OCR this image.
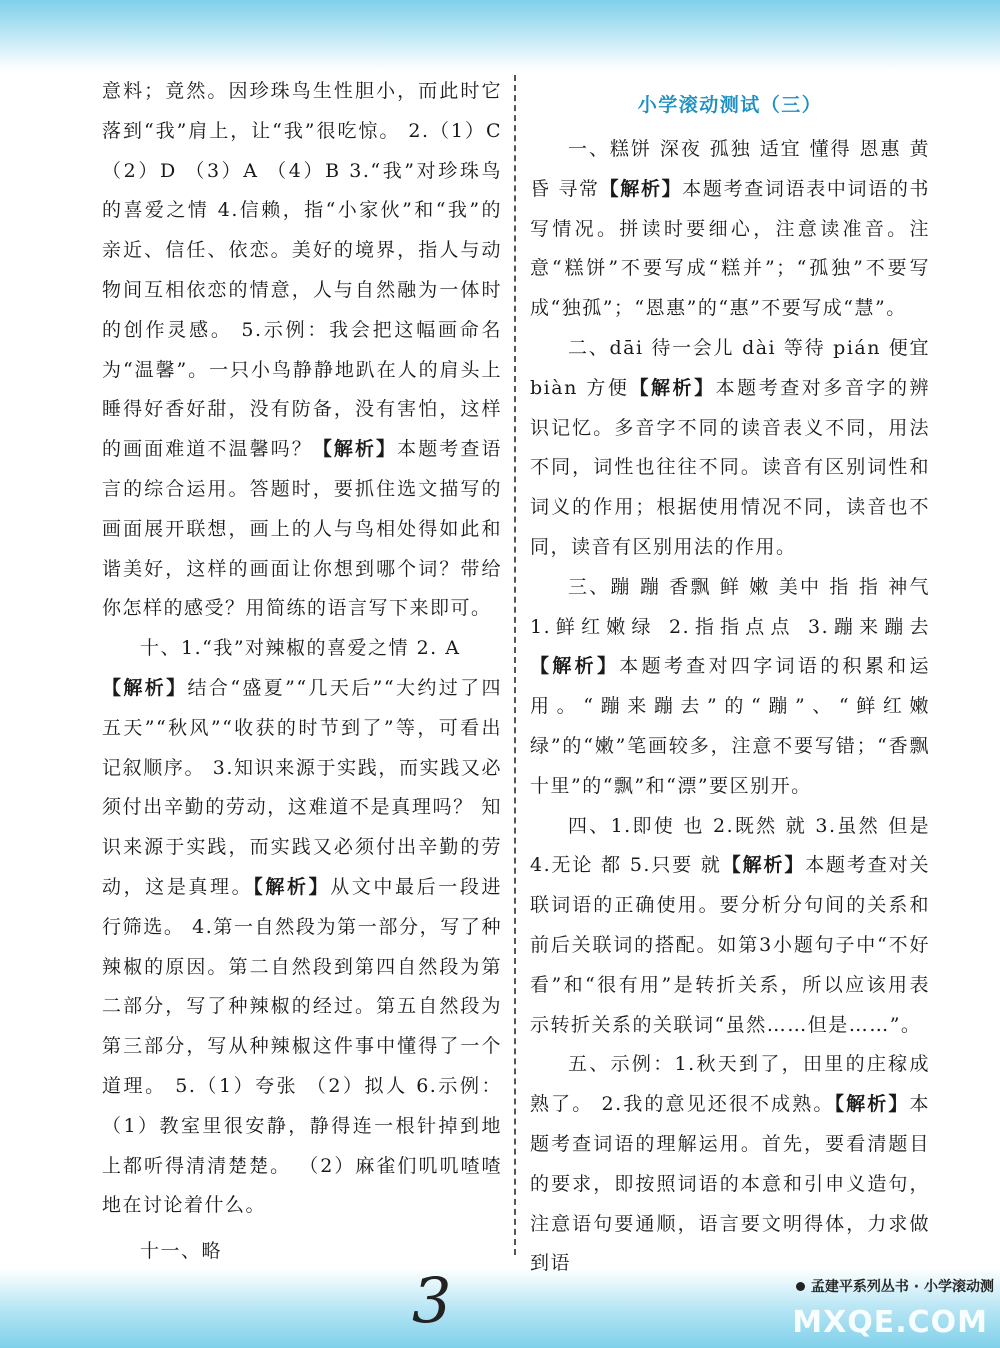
意料；竟然。因珍珠鸟生性胆小，而此时它落到“我”肩上，让“我”很吃惊。 2.（1）C （2）D （3）A （4）B 3.“我”对珍珠鸟的喜爱之情 4.信赖，指“小家伙”和“我”的亲近、信任、依恋。美好的境界，指人与动物间互相依恋的情意，人与自然融为一体时的创作灵感。 5.示例：我会把这幅画命名为“温馨”。一只小鸟静静地趴在人的肩头上睡得好香好甜，没有防备，没有害怕，这样的画面难道不温馨吗？【解析】本题考查语言的综合运用。答题时，要抓住选文描写的画面展开联想，画上的人与鸟相处得如此和谐美好，这样的画面让你想到哪个词？带给你怎样的感受？用简练的语言写下来即可。

十、1.“我”对辣椒的喜爱之情 2. A
【解析】结合“盛夏”“几天后”“大约过了四五天”“秋风”“收获的时节到了”等，可看出记叙顺序。 3.知识来源于实践，而实践又必须付出辛勤的劳动，这难道不是真理吗？ 知识来源于实践，而实践又必须付出辛勤的劳动，这是真理。【解析】从文中最后一段进行筛选。 4.第一自然段为第一部分，写了种辣椒的原因。第二自然段到第四自然段为第二部分，写了种辣椒的经过。第五自然段为第三部分，写从种辣椒这件事中懂得了一个道理。 5.（1）夸张 （2）拟人 6.示例：（1）教室里很安静，静得连一根针掉到地上都听得清清楚楚。 （2）麻雀们叽叽喳喳地在讨论着什么。

十一、略

小学滚动测试（三）

一、糕饼 深夜 孤独 适宜 懂得 恩惠 黄昏 寻常【解析】本题考查词语表中词语的书写情况。拼读时要细心，注意读准音。注意“糕饼”不要写成“糕并”；“孤独”不要写成“独孤”；“恩惠”的“惠”不要写成“慧”。

二、dāi 待一会儿 dài 等待 pián 便宜 biàn 方便【解析】本题考查对多音字的辨识记忆。多音字不同的读音表义不同，用法不同，词性也往往不同。读音有区别词性和词义的作用；根据使用情况不同，读音也不同，读音有区别用法的作用。

三、蹦 蹦 香飘 鲜 嫩 美中 指 指 神气 1.鲜红嫩绿 2.指指点点 3.蹦来蹦去【解析】本题考查对四字词语的积累和运用。“蹦来蹦去”的“蹦”、“鲜红嫩绿”的“嫩”笔画较多，注意不要写错；“香飘十里”的“飘”和“漂”要区别开。

四、1.即使 也 2.既然 就 3.虽然 但是 4.无论 都 5.只要 就【解析】本题考查对关联词语的正确使用。要分析分句间的关系和前后关联词的搭配。如第3小题句子中“不好看”和“很有用”是转折关系，所以应该用表示转折关系的关联词“虽然……但是……”。

五、示例：1.秋天到了，田里的庄稼成熟了。 2.我的意见还很不成熟。【解析】本题考查词语的理解运用。首先，要看清题目的要求，即按照词语的本意和引申义造句，注意语句要通顺，语言要文明得体，力求做到语

孟建平系列丛书 · 小学滚动测
3	MXQE.COM
